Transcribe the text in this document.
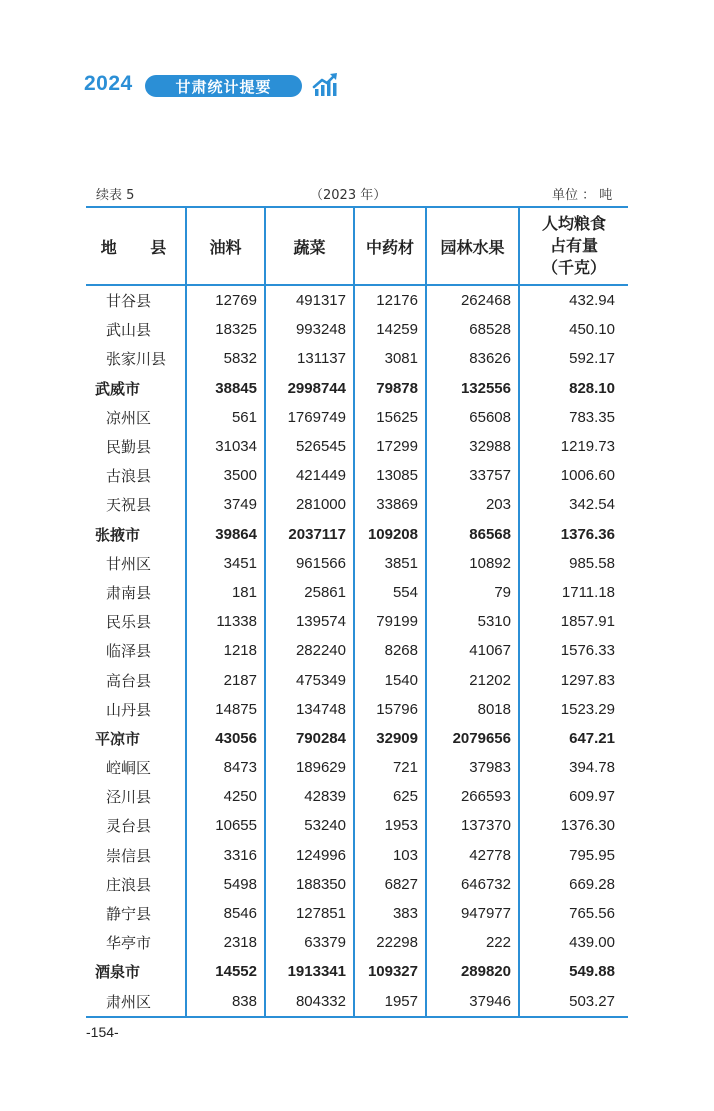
2024	甘肃统计提要
续表 5	（2023 年）	单位 ： 吨
地 县	油料	蔬菜	中药材	园林水果	人均粮食
占有量
（千克）

甘谷县	12769	491317	12176	262468	432.94
武山县	18325	993248	14259	68528	450.10
张家川县	5832	131137	3081	83626	592.17
武威市	38845	2998744	79878	132556	828.10
凉州区	561	1769749	15625	65608	783.35
民勤县	31034	526545	17299	32988	1219.73
古浪县	3500	421449	13085	33757	1006.60
天祝县	3749	281000	33869	203	342.54
张掖市	39864	2037117	109208	86568	1376.36
甘州区	3451	961566	3851	10892	985.58
肃南县	181	25861	554	79	1711.18
民乐县	11338	139574	79199	5310	1857.91
临泽县	1218	282240	8268	41067	1576.33
高台县	2187	475349	1540	21202	1297.83
山丹县	14875	134748	15796	8018	1523.29
平凉市	43056	790284	32909	2079656	647.21
崆峒区	8473	189629	721	37983	394.78
泾川县	4250	42839	625	266593	609.97
灵台县	10655	53240	1953	137370	1376.30
崇信县	3316	124996	103	42778	795.95
庄浪县	5498	188350	6827	646732	669.28
静宁县	8546	127851	383	947977	765.56
华亭市	2318	63379	22298	222	439.00
酒泉市	14552	1913341	109327	289820	549.88
肃州区	838	804332	1957	37946	503.27
-154-
